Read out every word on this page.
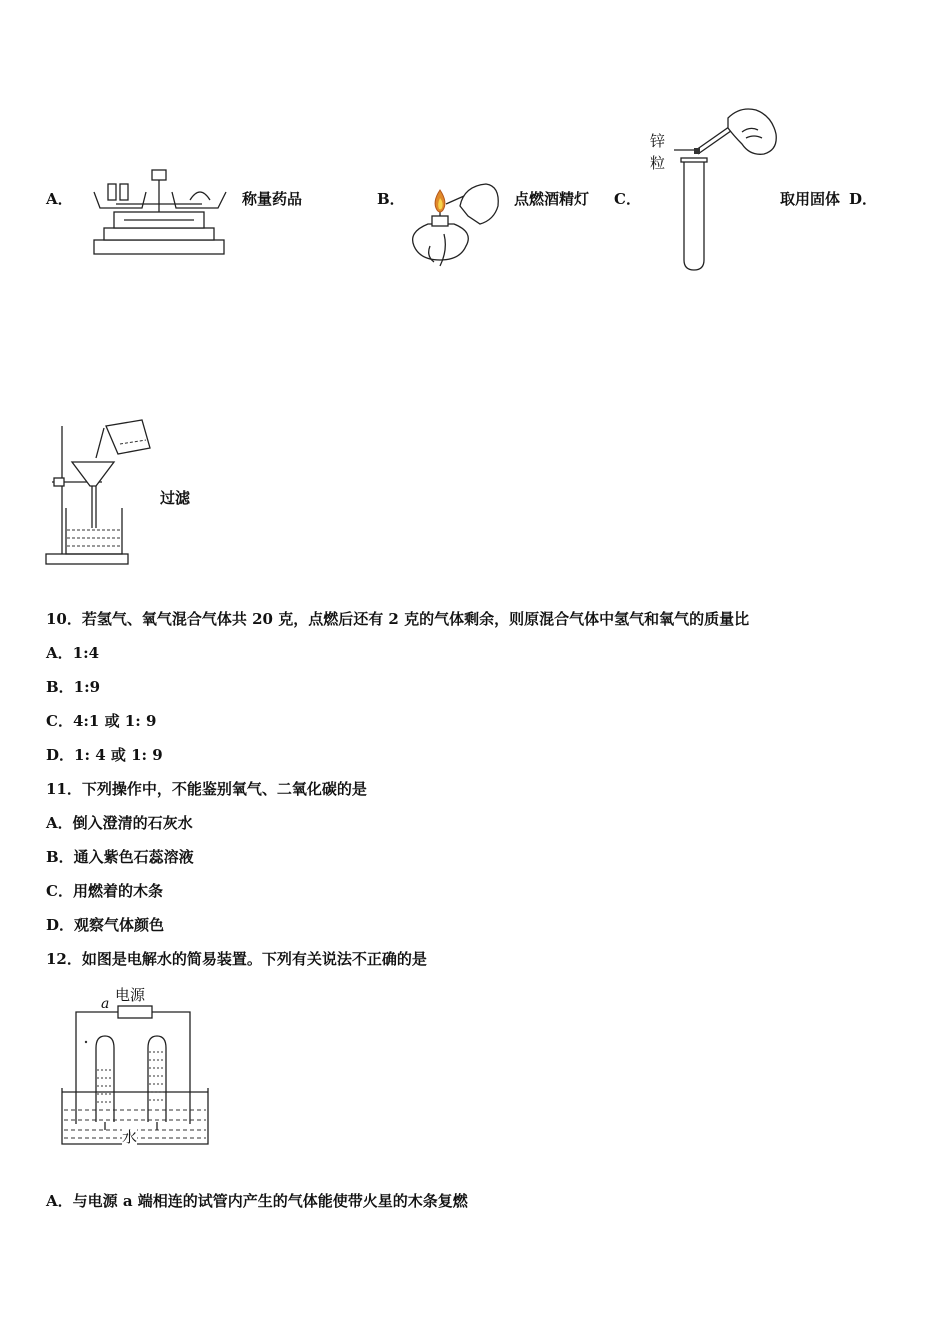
A．	称量药品	B．	点燃酒精灯 C．
锌
粒
取用固体 D．
过滤
10．若氢气、氧气混合气体共 20 克，点燃后还有 2 克的气体剩余，则原混合气体中氢气和氧气的质量比
A．1:4
B．1:9
C．4:1 或 1: 9
D．1: 4 或 1: 9
11．下列操作中，不能鉴别氧气、二氧化碳的是
A．倒入澄清的石灰水
B．通入紫色石蕊溶液
C．用燃着的木条
D．观察气体颜色
12．如图是电解水的简易装置。下列有关说法不正确的是
a 电源
水
A．与电源 a 端相连的试管内产生的气体能使带火星的木条复燃
